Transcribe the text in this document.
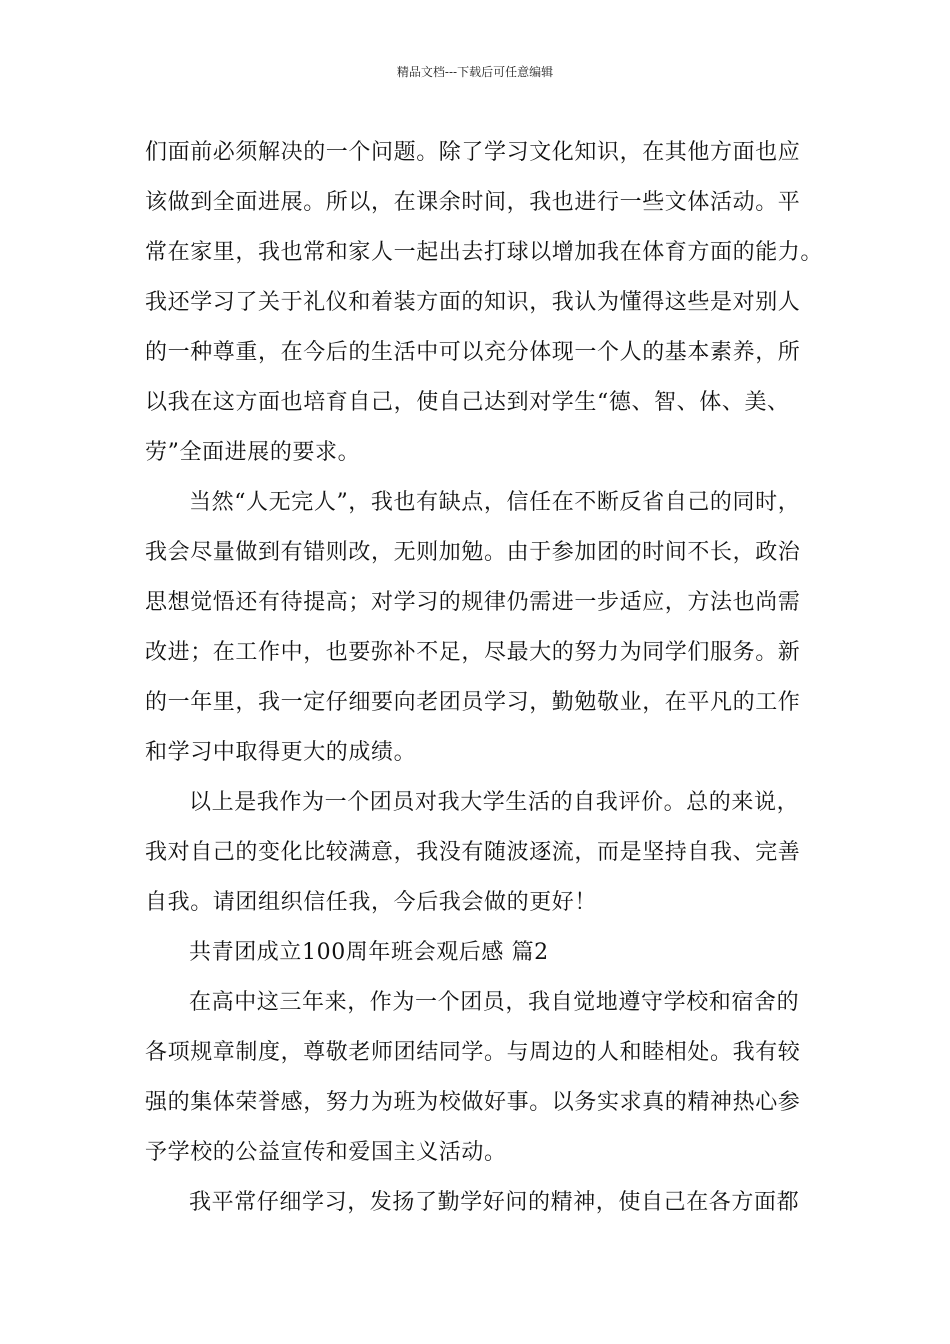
精品文档---下载后可任意编辑
们面前必须解决的一个问题。除了学习文化知识，在其他方面也应
该做到全面进展。所以，在课余时间，我也进行一些文体活动。平
常在家里，我也常和家人一起出去打球以增加我在体育方面的能力。
我还学习了关于礼仪和着装方面的知识，我认为懂得这些是对别人
的一种尊重，在今后的生活中可以充分体现一个人的基本素养，所
以我在这方面也培育自己，使自己达到对学生“德、智、体、美、
劳”全面进展的要求。
当然“人无完人”，我也有缺点，信任在不断反省自己的同时，
我会尽量做到有错则改，无则加勉。由于参加团的时间不长，政治
思想觉悟还有待提高；对学习的规律仍需进一步适应，方法也尚需
改进；在工作中，也要弥补不足，尽最大的努力为同学们服务。新
的一年里，我一定仔细要向老团员学习，勤勉敬业，在平凡的工作
和学习中取得更大的成绩。
以上是我作为一个团员对我大学生活的自我评价。总的来说，
我对自己的变化比较满意，我没有随波逐流，而是坚持自我、完善
自我。请团组织信任我，今后我会做的更好！
共青团成立100周年班会观后感 篇2
在高中这三年来，作为一个团员，我自觉地遵守学校和宿舍的
各项规章制度，尊敬老师团结同学。与周边的人和睦相处。我有较
强的集体荣誉感，努力为班为校做好事。以务实求真的精神热心参
予学校的公益宣传和爱国主义活动。
我平常仔细学习，发扬了勤学好问的精神，使自己在各方面都
